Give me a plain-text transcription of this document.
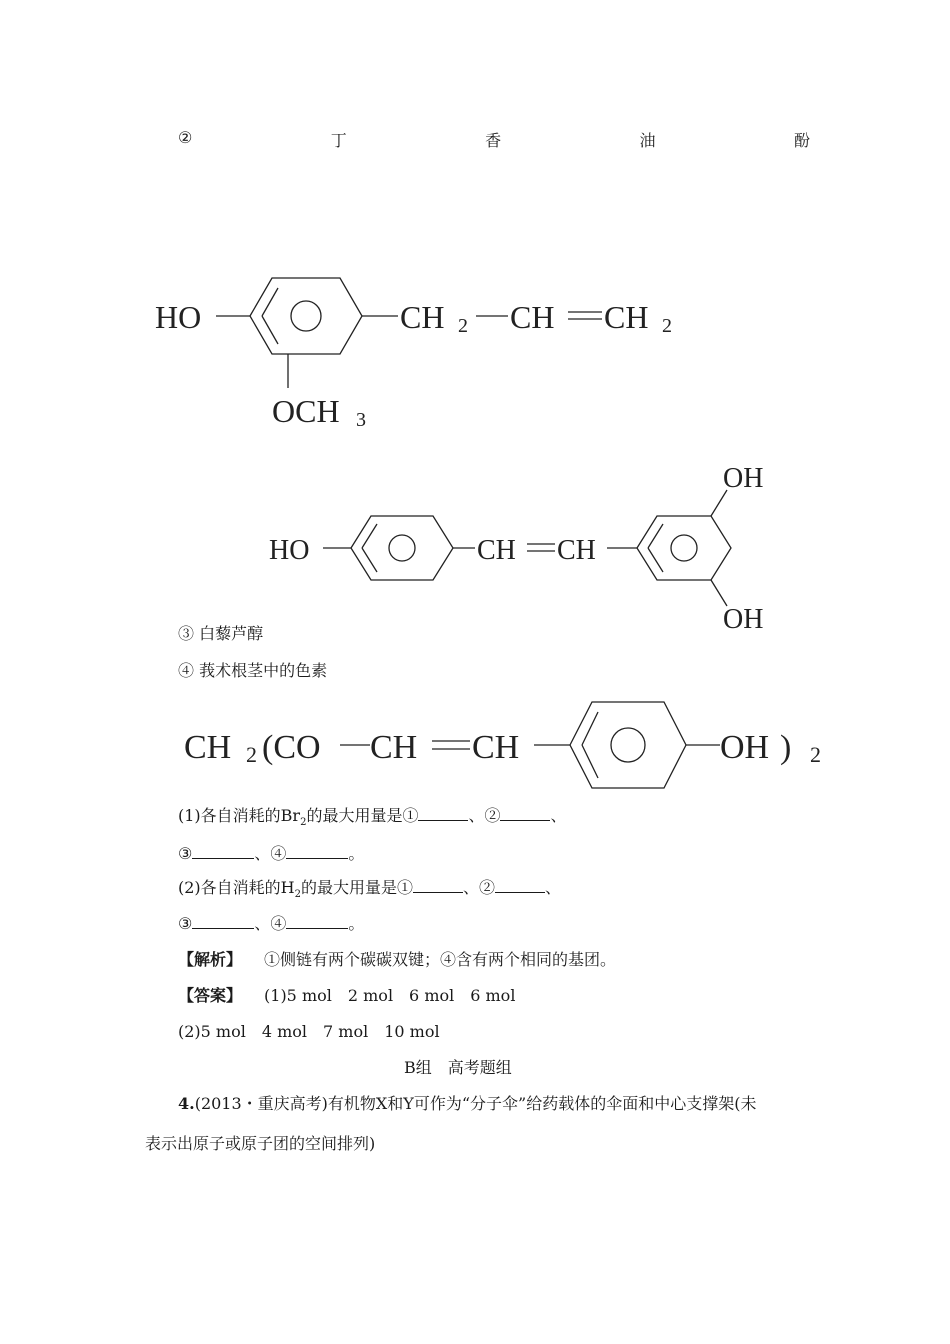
②	丁	香	油	酚
HO	CH 2 CH CH 2
OCH 3
HO	CH CH
OH
OH
③ 白藜芦醇
④ 莪术根茎中的色素
CH 2 (CO CH CH	OH ) 2
(1)各自消耗的$Br_2$的最大用量是①	、②	、
③	、④	。
(2)各自消耗的$H_2$的最大用量是①	、②	、
③	、④	。
【解析】 ①侧链有两个碳碳双键；④含有两个相同的基团。
【答案】 (1)5 mol　2 mol　6 mol　6 mol
(2)5 mol　4 mol　7 mol　10 mol
B组　高考题组
4.(2013・重庆高考)有机物X和Y可作为“分子伞”给药载体的伞面和中心支撑架(未
表示出原子或原子团的空间排列)
